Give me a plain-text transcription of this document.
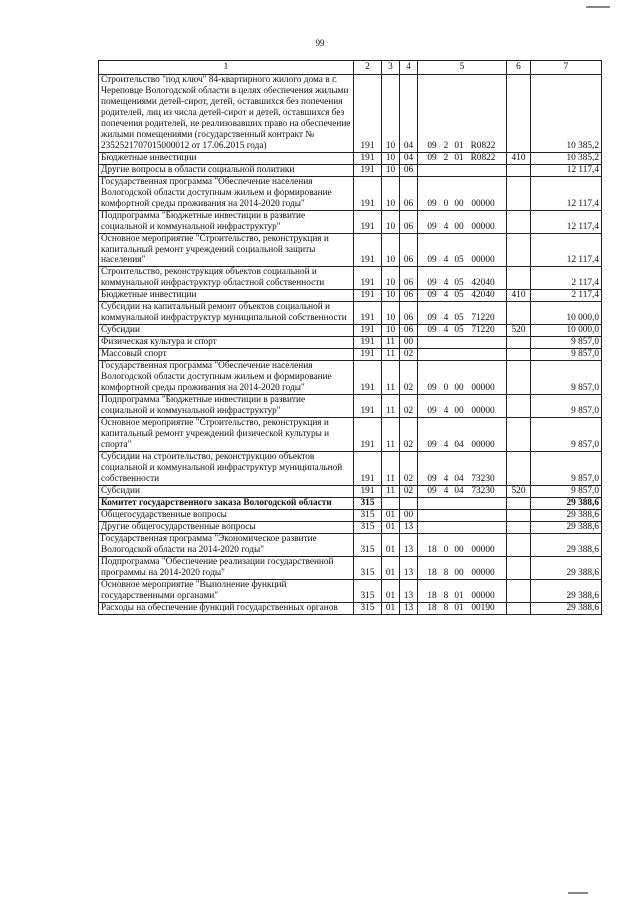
99
1	2	3	4	5	6	7
Строительство "под ключ" 84-квартирного жилого дома в г. Череповце Вологодской области в целях обеспечения жилыми помещениями детей-сирот, детей, оставшихся без попечения родителей, лиц из числа детей-сирот и детей, оставшихся без попечения родителей, не реализовавших право на обеспечение жилыми помещениями (государственный контракт № 2352521707015000012 от 17.06.2015 года)	191	10	04	09 2 01 R0822		10 385,2
Бюджетные инвестиции	191	10	04	09 2 01 R0822	410	10 385,2
Другие вопросы в области социальной политики	191	10	06			12 117,4
Государственная программа "Обеспечение населения Вологодской области доступным жильем и формирование комфортной среды проживания на 2014-2020 годы"	191	10	06	09 0 00 00000		12 117,4
Подпрограмма "Бюджетные инвестиции в развитие социальной и коммунальной инфраструктур"	191	10	06	09 4 00 00000		12 117,4
Основное мероприятие "Строительство, реконструкция и капитальный ремонт учреждений социальной защиты населения"	191	10	06	09 4 05 00000		12 117,4
Строительство, реконструкция объектов социальной и коммунальной инфраструктур областной собственности	191	10	06	09 4 05 42040		2 117,4
Бюджетные инвестиции	191	10	06	09 4 05 42040	410	2 117,4
Субсидии на капитальный ремонт объектов социальной и коммунальной инфраструктур муниципальной собственности	191	10	06	09 4 05 71220		10 000,0
Субсидии	191	10	06	09 4 05 71220	520	10 000,0
Физическая культура и спорт	191	11	00			9 857,0
Массовый спорт	191	11	02			9 857,0
Государственная программа "Обеспечение населения Вологодской области доступным жильем и формирование комфортной среды проживания на 2014-2020 годы"	191	11	02	09 0 00 00000		9 857,0
Подпрограмма "Бюджетные инвестиции в развитие социальной и коммунальной инфраструктур"	191	11	02	09 4 00 00000		9 857,0
Основное мероприятие "Строительство, реконструкция и капитальный ремонт учреждений физической культуры и спорта"	191	11	02	09 4 04 00000		9 857,0
Субсидии на строительство, реконструкцию объектов социальной и коммунальной инфраструктур муниципальной собственности	191	11	02	09 4 04 73230		9 857,0
Субсидии	191	11	02	09 4 04 73230	520	9 857,0
Комитет государственного заказа Вологодской области	315					29 388,6
Общегосударственные вопросы	315	01	00			29 388,6
Другие общегосударственные вопросы	315	01	13			29 388,6
Государственная программа "Экономическое развитие Вологодской области на 2014-2020 годы"	315	01	13	18 0 00 00000		29 388,6
Подпрограмма "Обеспечение реализации государственной программы на 2014-2020 годы"	315	01	13	18 8 00 00000		29 388,6
Основное мероприятие "Выполнение функций государственными органами"	315	01	13	18 8 01 00000		29 388,6
Расходы на обеспечение функций государственных органов	315	01	13	18 8 01 00190		29 388,6
